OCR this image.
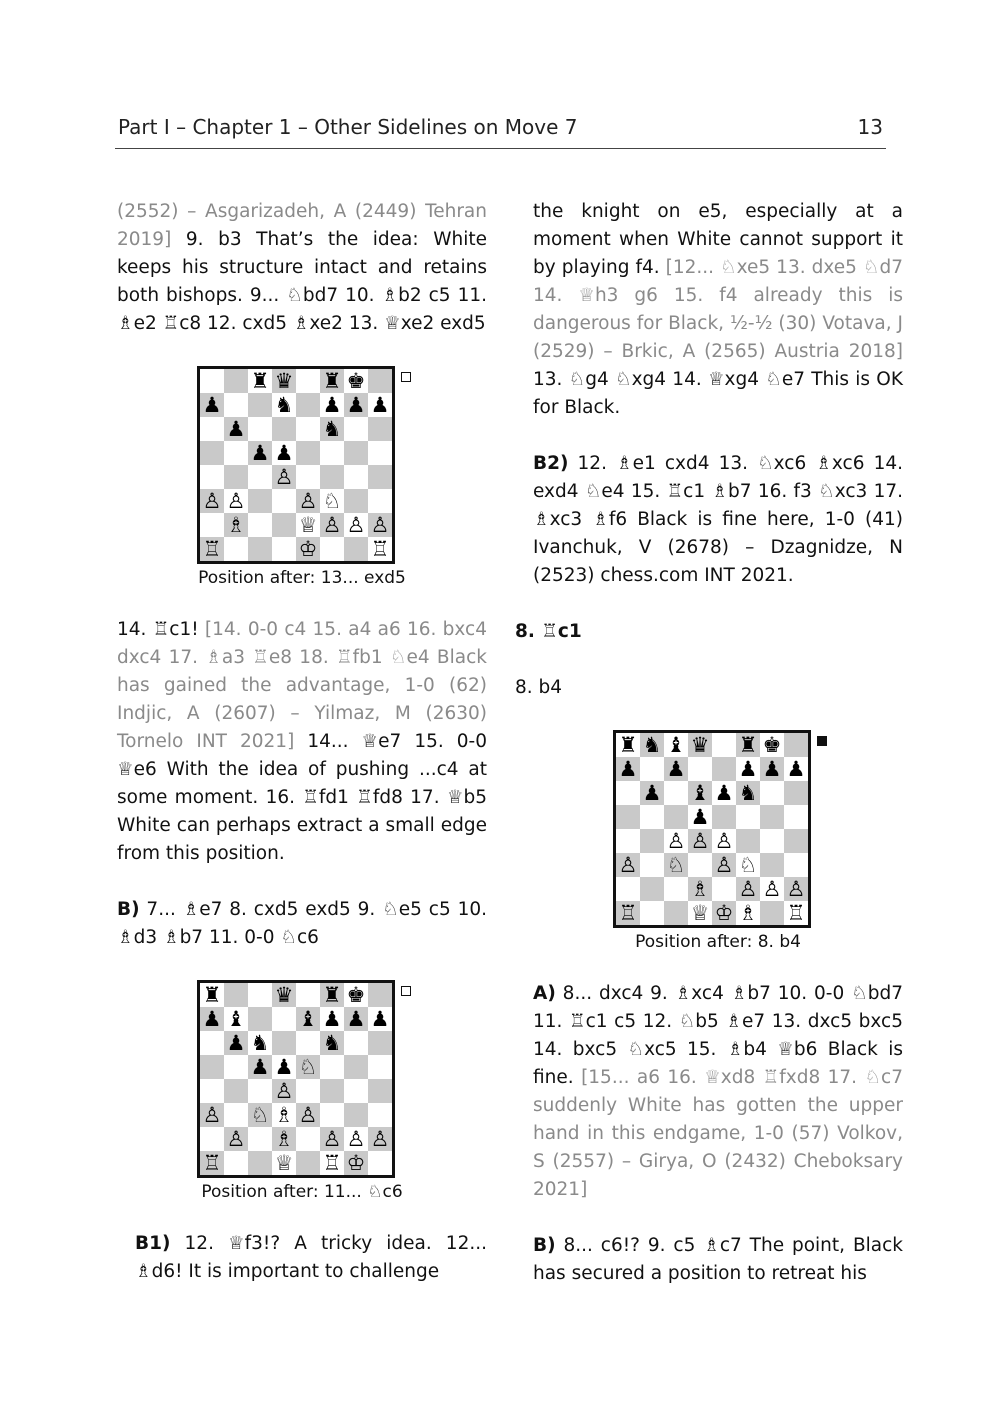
Part I – Chapter 1 – Other Sidelines on Move 7	13
(2552) – Asgarizadeh, A (2449) Tehran 2019] 9. b3 That’s the idea: White keeps his structure intact and retains both bishops. 9... ♘bd7 10. ♗b2 c5 11. ♗e2 ♖c8 12. cxd5 ♗xe2 13. ♕xe2 exd5
♜ ♛ ♜ ♚
♟	♞ ♟ ♟ ♟
♟	♞
♟ ♟
♙
♙ ♙	♙ ♘
♗	♕ ♙ ♙ ♙
♖	♔	♖
Position after: 13... exd5
14. ♖c1! [14. 0-0 c4 15. a4 a6 16. bxc4 dxc4 17. ♗a3 ♖e8 18. ♖fb1 ♘e4 Black has gained the advantage, 1-0 (62) Indjic, A (2607) – Yilmaz, M (2630) Tornelo INT 2021] 14... ♕e7 15. 0-0 ♕e6 With the idea of pushing ...c4 at some moment. 16. ♖fd1 ♖fd8 17. ♕b5 White can perhaps extract a small edge from this position.
B) 7... ♗e7 8. cxd5 exd5 9. ♘e5 c5 10. ♗d3 ♗b7 11. 0-0 ♘c6
♜	♛ ♜ ♚
♟ ♝	♝ ♟ ♟ ♟
♟ ♞	♞
♟ ♟ ♘
♙
♙ ♘ ♗ ♙
♙ ♗ ♙ ♙ ♙
♖	♕ ♖ ♔
Position after: 11... ♘c6
B1) 12. ♕f3!? A tricky idea. 12... ♗d6! It is important to challenge
the knight on e5, especially at a moment when White cannot support it by playing f4. [12... ♘xe5 13. dxe5 ♘d7 14. ♕h3 g6 15. f4 already this is dangerous for Black, ½-½ (30) Votava, J (2529) – Brkic, A (2565) Austria 2018] 13. ♘g4 ♘xg4 14. ♕xg4 ♘e7 This is OK for Black.
B2) 12. ♗e1 cxd4 13. ♘xc6 ♗xc6 14. exd4 ♘e4 15. ♖c1 ♗b7 16. f3 ♘xc3 17. ♗xc3 ♗f6 Black is fine here, 1-0 (41) Ivanchuk, V (2678) – Dzagnidze, N (2523) chess.com INT 2021.
8. ♖c1
8. b4
♜ ♞ ♝ ♛ ♜ ♚
♟ ♟	♟ ♟ ♟
♟ ♝ ♟ ♞
♟
♙ ♙ ♙
♙ ♘ ♙ ♘
♗ ♙ ♙ ♙
♖	♕ ♔ ♗ ♖
Position after: 8. b4
A) 8... dxc4 9. ♗xc4 ♗b7 10. 0-0 ♘bd7 11. ♖c1 c5 12. ♘b5 ♗e7 13. dxc5 bxc5 14. bxc5 ♘xc5 15. ♗b4 ♕b6 Black is fine. [15... a6 16. ♕xd8 ♖fxd8 17. ♘c7 suddenly White has gotten the upper hand in this endgame, 1-0 (57) Volkov, S (2557) – Girya, O (2432) Cheboksary 2021]
B) 8... c6!? 9. c5 ♗c7 The point, Black has secured a position to retreat his
